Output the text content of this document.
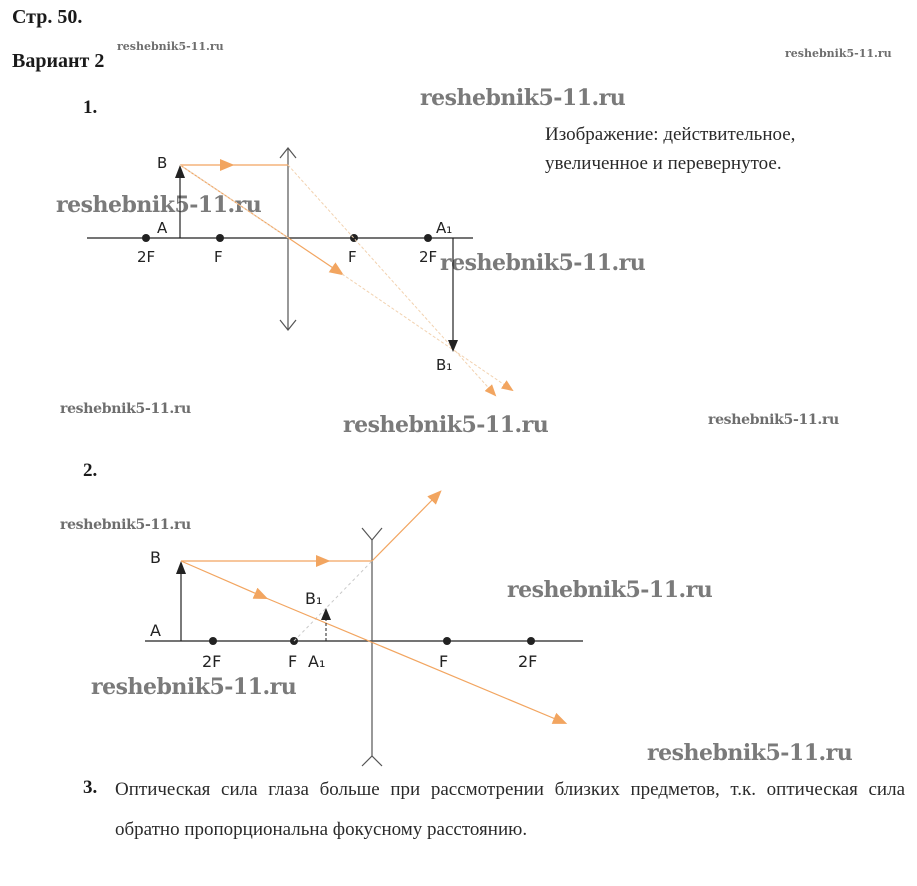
Стр. 50.
Вариант 2
reshebnik5-11.ru
reshebnik5-11.ru
reshebnik5-11.ru
reshebnik5-11.ru
reshebnik5-11.ru
reshebnik5-11.ru
reshebnik5-11.ru	reshebnik5-11.ru
reshebnik5-11.ru
reshebnik5-11.ru
reshebnik5-11.ru
reshebnik5-11.ru
1.
2.
Изображение: действительное,
увеличенное и перевернутое.
B
A
2F	F	F	2F
A₁
B₁
B
A
B₁
2F	F A₁	F	2F
3. Оптическая сила глаза больше при рассмотрении близких предметов, т.к. оптическая сила обратно пропорциональна фокусному расстоянию.
